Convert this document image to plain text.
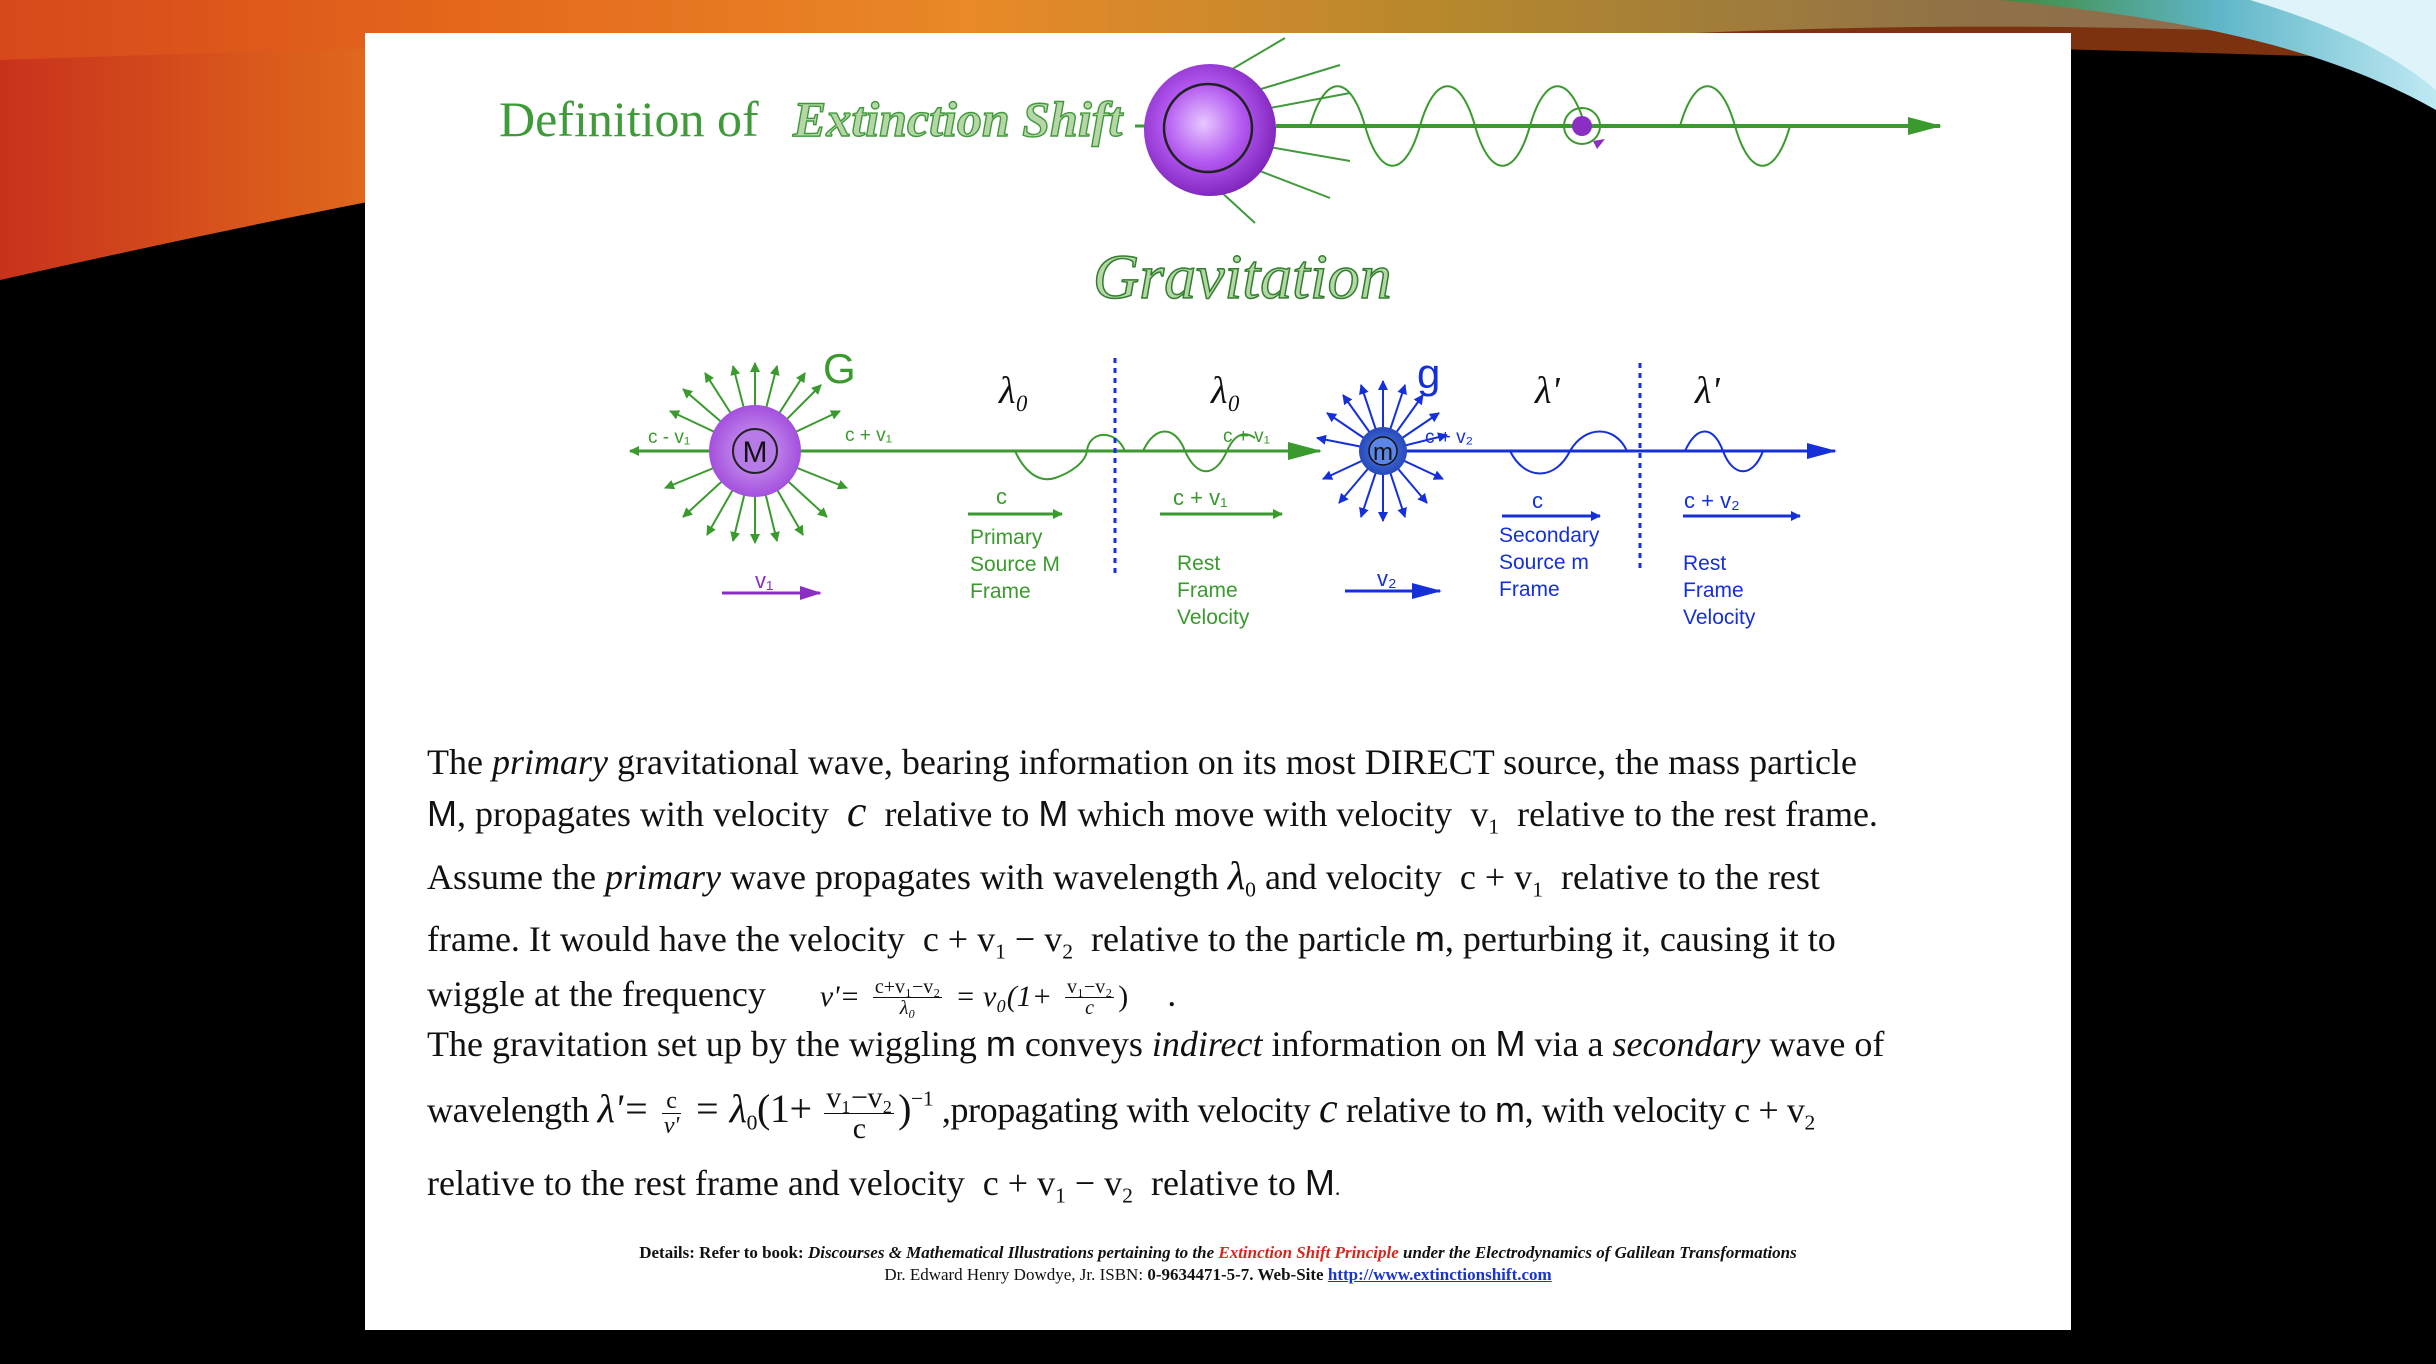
Definition of Extinction Shift
Gravitation
M
c - v₁	c + v₁
G
v₁
λ₀	λ₀
c + v₁
c
Primary
Source M
Frame
c + v₁
Rest
Frame
Velocity
m
g
c + v₂
v₂
λ'	λ'
c
Secondary
Source m
Frame
c + v₂
Rest
Frame
Velocity
The primary gravitational wave, bearing information on its most DIRECT source, the mass particle
M, propagates with velocity c relative to M which move with velocity $v_1$ relative to the rest frame.
Assume the primary wave propagates with wavelength $\lambda_0$ and velocity $c + v_1$ relative to the rest
frame. It would have the velocity $c + v_1 - v_2$ relative to the particle m, perturbing it, causing it to
wiggle at the frequency $\nu'= \frac{\text{c+v₁−v₂}}{\text{λ₀}} = \nu_0(1+ \frac{\text{v₁−v₂}}{c}$ ) .
The gravitation set up by the wiggling m conveys indirect information on M via a secondary wave of
wavelength $\lambda'= \frac{c}{\nu'} = \lambda_0(1+ \frac{\text{v₁−v₂}}{c} )^{-1}$ ,propagating with velocity c relative to m, with velocity $c + v_2$
relative to the rest frame and velocity $c + v_1 - v_2$ relative to M.
Details: Refer to book: Discourses & Mathematical Illustrations pertaining to the Extinction Shift Principle under the Electrodynamics of Galilean Transformations
Dr. Edward Henry Dowdye, Jr. ISBN: 0-9634471-5-7. Web-Site http://www.extinctionshift.com
